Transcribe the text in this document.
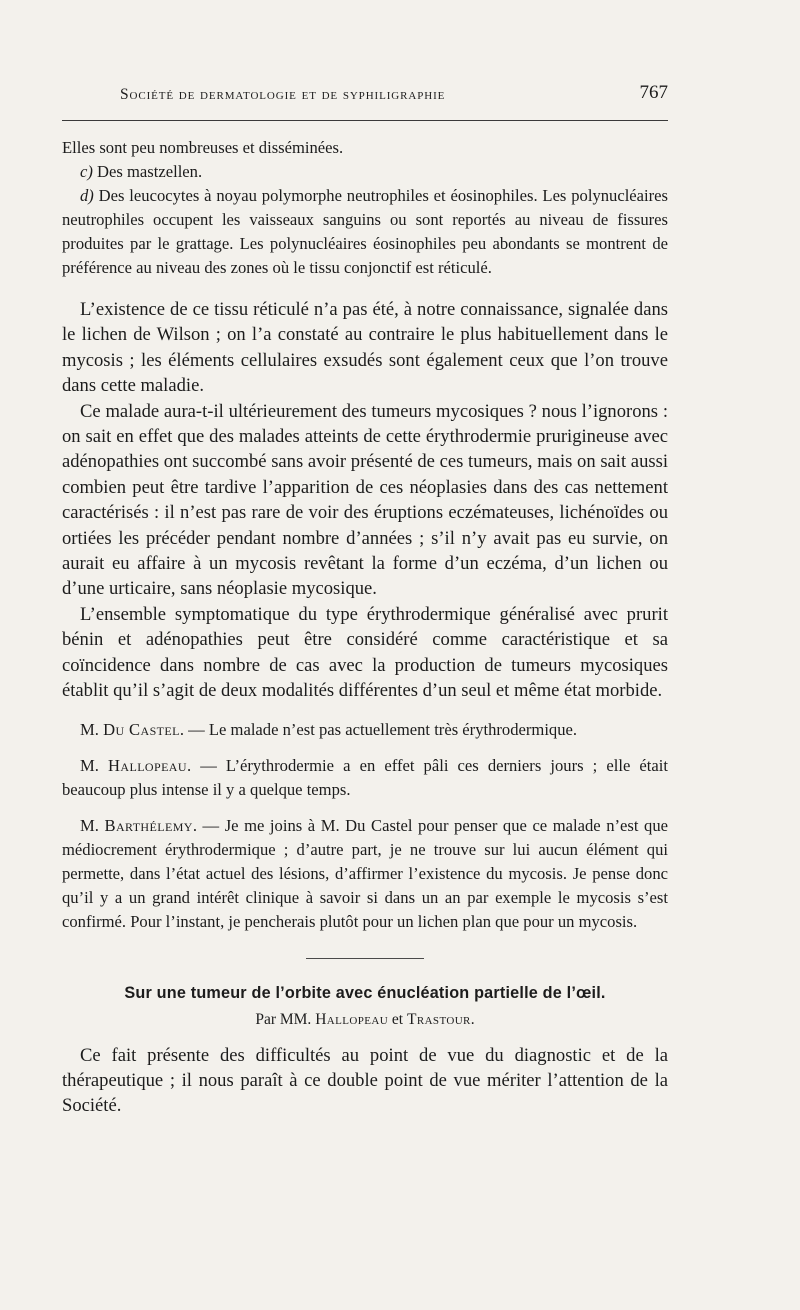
Société de dermatologie et de syphiligraphie	767

Elles sont peu nombreuses et disséminées.

c) Des mastzellen.

d) Des leucocytes à noyau polymorphe neutrophiles et éosinophiles. Les polynucléaires neutrophiles occupent les vaisseaux sanguins ou sont reportés au niveau de fissures produites par le grattage. Les polynucléaires éosinophiles peu abondants se montrent de préférence au niveau des zones où le tissu conjonctif est réticulé.

L’existence de ce tissu réticulé n’a pas été, à notre connaissance, signalée dans le lichen de Wilson ; on l’a constaté au contraire le plus habituellement dans le mycosis ; les éléments cellulaires exsudés sont également ceux que l’on trouve dans cette maladie.

Ce malade aura-t-il ultérieurement des tumeurs mycosiques ? nous l’ignorons : on sait en effet que des malades atteints de cette érythrodermie prurigineuse avec adénopathies ont succombé sans avoir présenté de ces tumeurs, mais on sait aussi combien peut être tardive l’apparition de ces néoplasies dans des cas nettement caractérisés : il n’est pas rare de voir des éruptions eczémateuses, lichénoïdes ou ortiées les précéder pendant nombre d’années ; s’il n’y avait pas eu survie, on aurait eu affaire à un mycosis revêtant la forme d’un eczéma, d’un lichen ou d’une urticaire, sans néoplasie mycosique.

L’ensemble symptomatique du type érythrodermique généralisé avec prurit bénin et adénopathies peut être considéré comme caractéristique et sa coïncidence dans nombre de cas avec la production de tumeurs mycosiques établit qu’il s’agit de deux modalités différentes d’un seul et même état morbide.

M. Du Castel. — Le malade n’est pas actuellement très érythrodermique.

M. Hallopeau. — L’érythrodermie a en effet pâli ces derniers jours ; elle était beaucoup plus intense il y a quelque temps.

M. Barthélemy. — Je me joins à M. Du Castel pour penser que ce malade n’est que médiocrement érythrodermique ; d’autre part, je ne trouve sur lui aucun élément qui permette, dans l’état actuel des lésions, d’affirmer l’existence du mycosis. Je pense donc qu’il y a un grand intérêt clinique à savoir si dans un an par exemple le mycosis s’est confirmé. Pour l’instant, je pencherais plutôt pour un lichen plan que pour un mycosis.

Sur une tumeur de l’orbite avec énucléation partielle de l’œil.
Par MM. Hallopeau et Trastour.

Ce fait présente des difficultés au point de vue du diagnostic et de la thérapeutique ; il nous paraît à ce double point de vue mériter l’attention de la Société.
